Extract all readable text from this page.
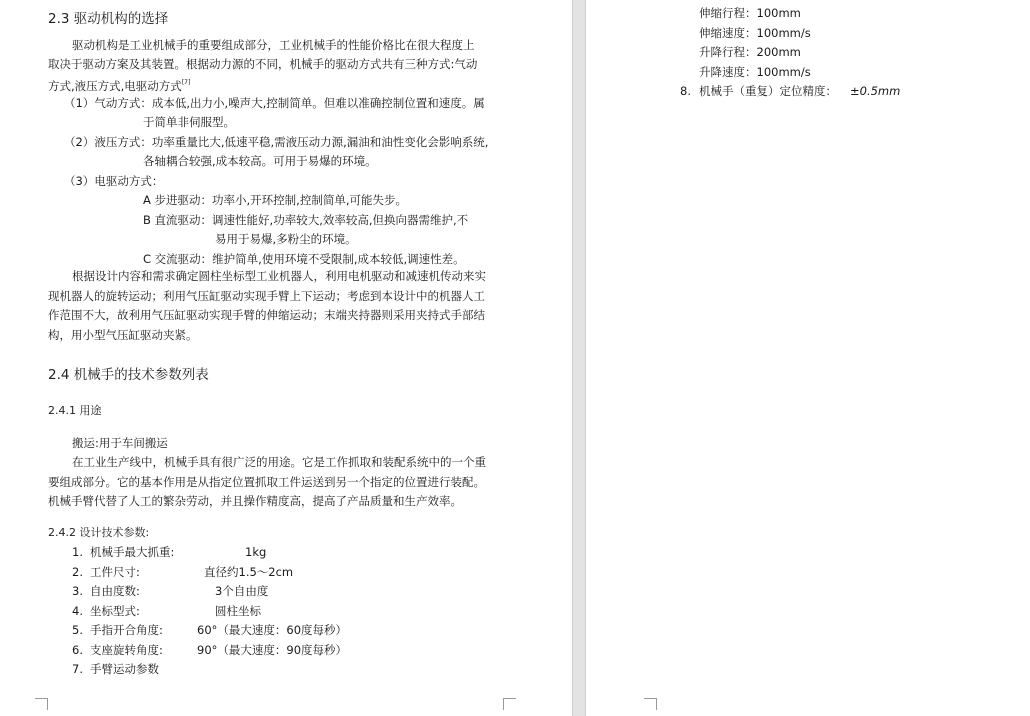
2.3 驱动机构的选择
驱动机构是工业机械手的重要组成部分，工业机械手的性能价格比在很大程度上
取决于驱动方案及其装置。根据动力源的不同，机械手的驱动方式共有三种方式:气动
方式,液压方式,电驱动方式[7]
（1）气动方式：成本低,出力小,噪声大,控制简单。但难以准确控制位置和速度。属
于简单非伺服型。
（2）液压方式：功率重量比大,低速平稳,需液压动力源,漏油和油性变化会影响系统,
各轴耦合较强,成本较高。可用于易爆的环境。
（3）电驱动方式：
A 步进驱动：功率小,开环控制,控制简单,可能失步。
B 直流驱动：调速性能好,功率较大,效率较高,但换向器需维护,不
易用于易爆,多粉尘的环境。
C 交流驱动：维护简单,使用环境不受限制,成本较低,调速性差。
根据设计内容和需求确定圆柱坐标型工业机器人，利用电机驱动和减速机传动来实
现机器人的旋转运动；利用气压缸驱动实现手臂上下运动；考虑到本设计中的机器人工
作范围不大，故利用气压缸驱动实现手臂的伸缩运动；末端夹持器则采用夹持式手部结
构，用小型气压缸驱动夹紧。
2.4 机械手的技术参数列表
2.4.1 用途
搬运:用于车间搬运
在工业生产线中，机械手具有很广泛的用途。它是工作抓取和装配系统中的一个重
要组成部分。它的基本作用是从指定位置抓取工件运送到另一个指定的位置进行装配。
机械手臂代替了人工的繁杂劳动，并且操作精度高，提高了产品质量和生产效率。
2.4.2 设计技术参数:
1. 机械手最大抓重:	1kg
2. 工件尺寸:	直径约1.5～2cm
3. 自由度数:	3个自由度
4. 坐标型式:	圆柱坐标
5. 手指开合角度:	60°（最大速度：60度每秒）
6. 支座旋转角度:	90°（最大速度：90度每秒）
7. 手臂运动参数
伸缩行程：100mm
伸缩速度：100mm/s
升降行程：200mm
升降速度：100mm/s
8. 机械手（重复）定位精度： ±0.5mm
